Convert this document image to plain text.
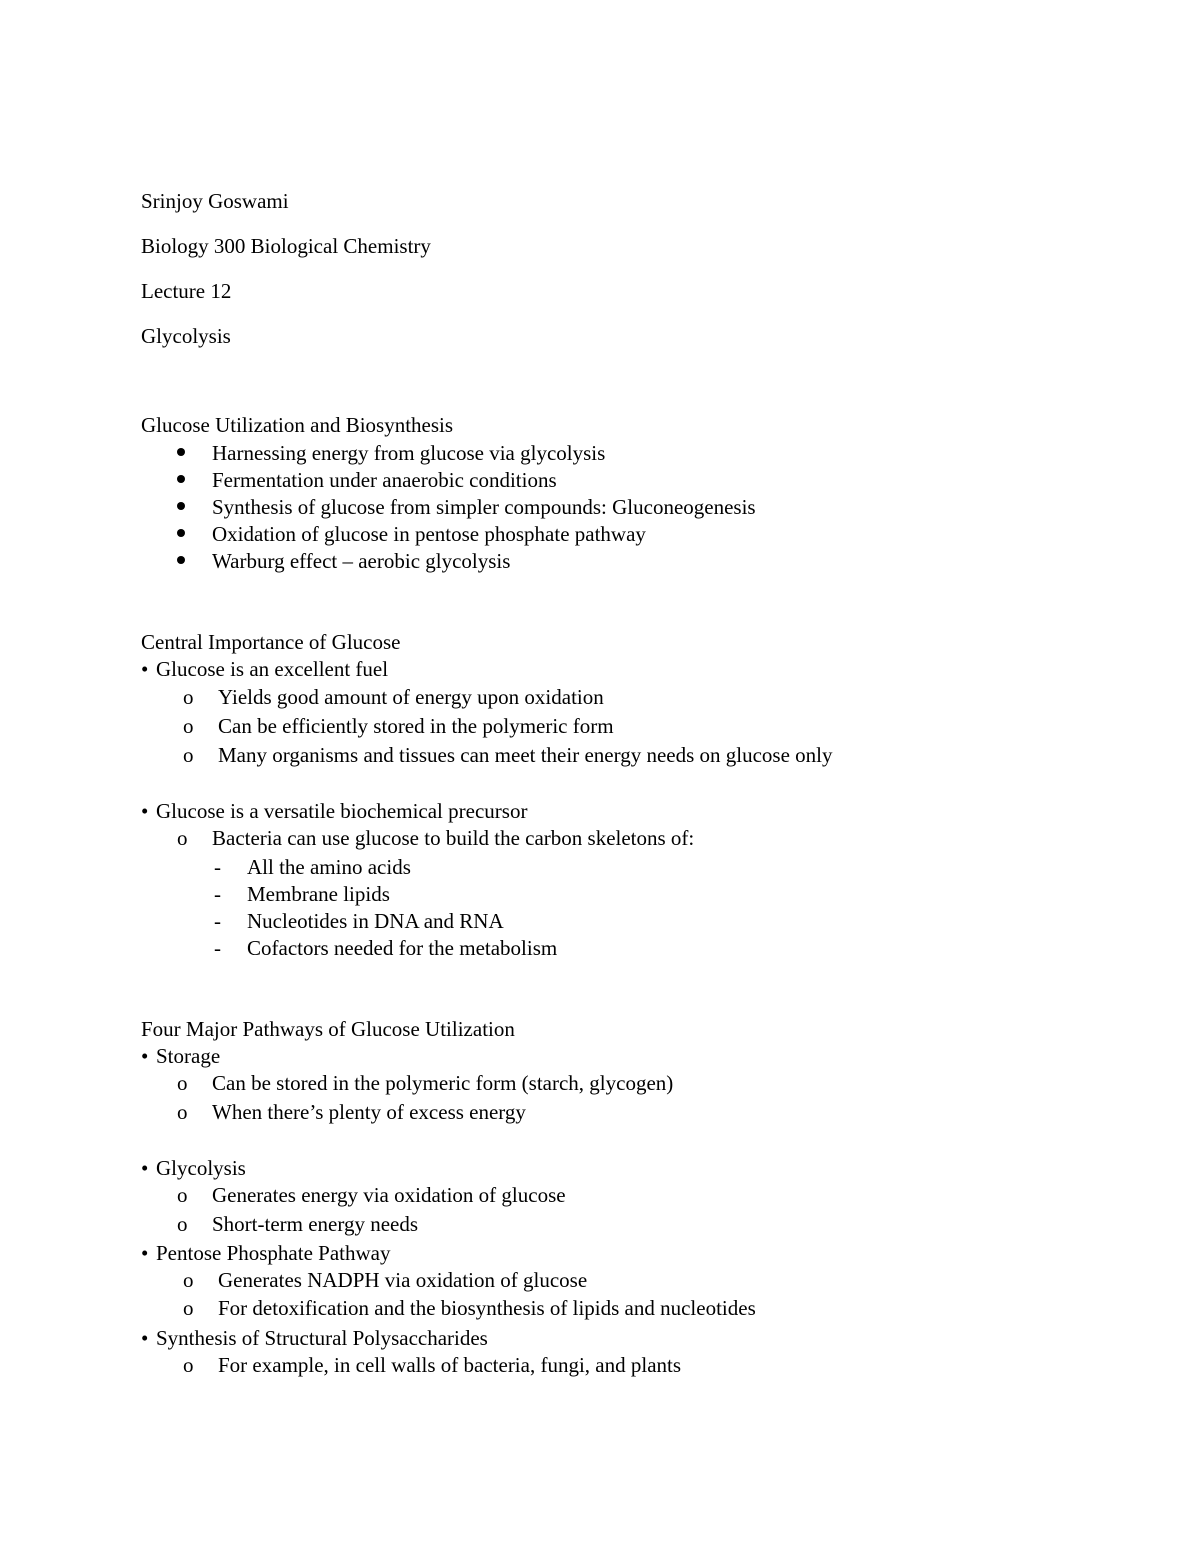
Srinjoy Goswami
Biology 300 Biological Chemistry
Lecture 12
Glycolysis
Glucose Utilization and Biosynthesis
Harnessing energy from glucose via glycolysis
Fermentation under anaerobic conditions
Synthesis of glucose from simpler compounds: Gluconeogenesis
Oxidation of glucose in pentose phosphate pathway
Warburg effect – aerobic glycolysis
Central Importance of Glucose
• Glucose is an excellent fuel
o Yields good amount of energy upon oxidation
o Can be efficiently stored in the polymeric form
o Many organisms and tissues can meet their energy needs on glucose only
• Glucose is a versatile biochemical precursor
o Bacteria can use glucose to build the carbon skeletons of:
- All the amino acids
- Membrane lipids
- Nucleotides in DNA and RNA
- Cofactors needed for the metabolism
Four Major Pathways of Glucose Utilization
• Storage
o Can be stored in the polymeric form (starch, glycogen)
o When there’s plenty of excess energy
• Glycolysis
o Generates energy via oxidation of glucose
o Short-term energy needs
• Pentose Phosphate Pathway
o Generates NADPH via oxidation of glucose
o For detoxification and the biosynthesis of lipids and nucleotides
• Synthesis of Structural Polysaccharides
o For example, in cell walls of bacteria, fungi, and plants
